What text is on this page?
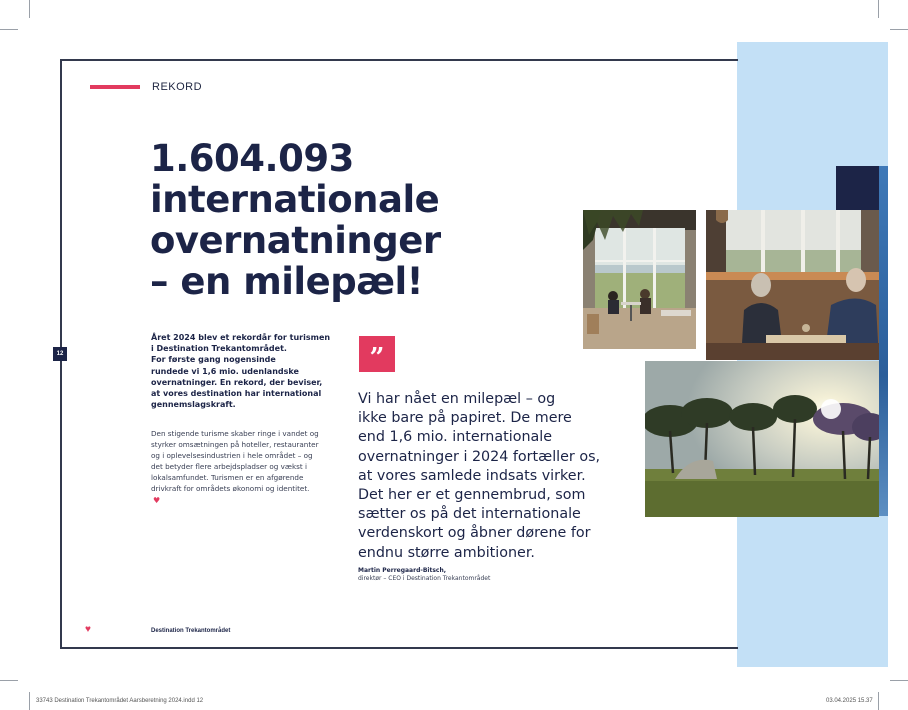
REKORD
1.604.093
internationale
overnatninger
– en milepæl!
12
Året 2024 blev et rekordår for turismen
i Destination Trekantområdet.
For første gang nogensinde
rundede vi 1,6 mio. udenlandske
overnatninger. En rekord, der beviser,
at vores destination har international
gennemslagskraft.
Den stigende turisme skaber ringe i vandet og
styrker omsætningen på hoteller, restauranter
og i oplevelsesindustrien i hele området – og
det betyder flere arbejdspladser og vækst i
lokalsamfundet. Turismen er en afgørende
drivkraft for områdets økonomi og identitet.
♥
”
Vi har nået en milepæl – og
ikke bare på papiret. De mere
end 1,6 mio. internationale
overnatninger i 2024 fortæller os,
at vores samlede indsats virker.
Det her er et gennembrud, som
sætter os på det internationale
verdenskort og åbner dørene for
endnu større ambitioner.
Martin Perregaard-Bitsch,
direktør – CEO i Destination Trekantområdet
♥	Destination Trekantområdet
33743 Destination Trekantområdet Aarsberetning 2024.indd 12	03.04.2025 15.37
